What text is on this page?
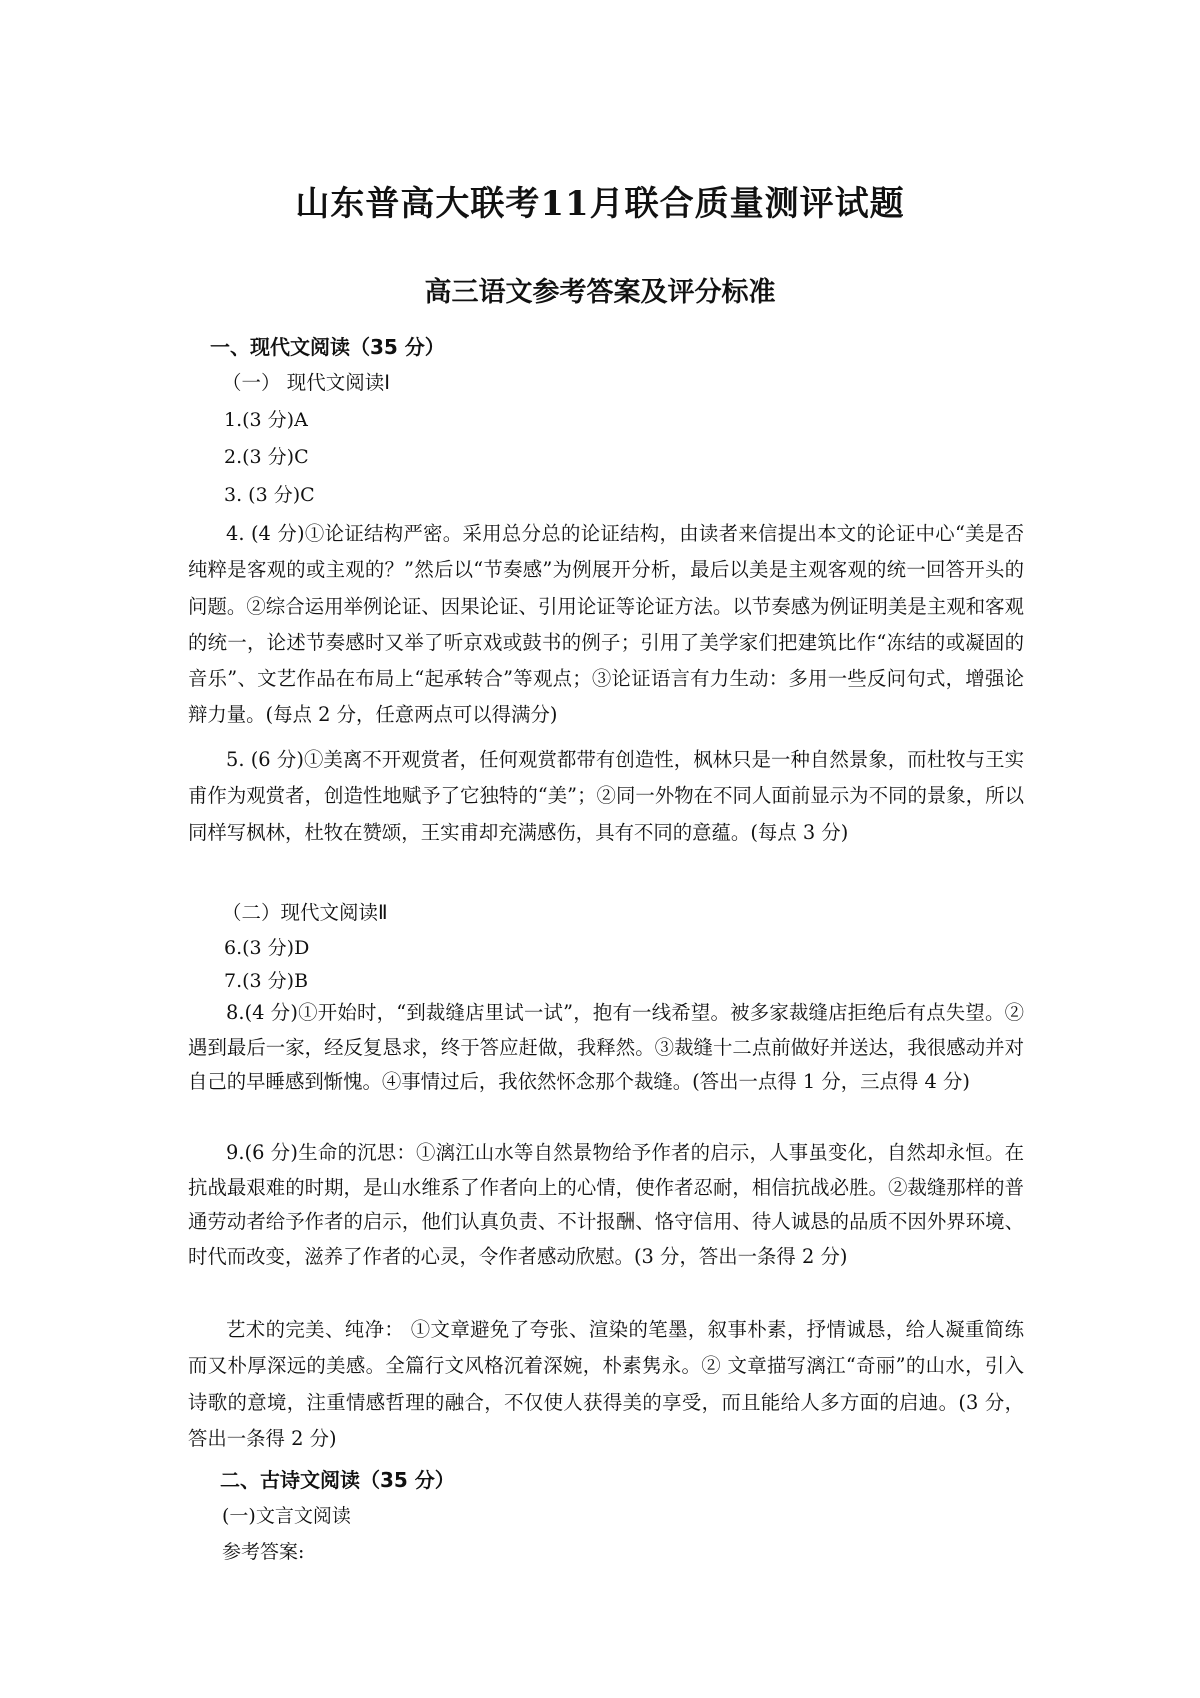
山东普高大联考11月联合质量测评试题
高三语文参考答案及评分标准
一、现代文阅读（35 分）
（一） 现代文阅读Ⅰ
1.(3 分)A
2.(3 分)C
3. (3 分)C

4. (4 分)①论证结构严密。采用总分总的论证结构，由读者来信提出本文的论证中心“美是否纯粹是客观的或主观的？”然后以“节奏感”为例展开分析，最后以美是主观客观的统一回答开头的问题。②综合运用举例论证、因果论证、引用论证等论证方法。以节奏感为例证明美是主观和客观的统一，论述节奏感时又举了听京戏或鼓书的例子；引用了美学家们把建筑比作“冻结的或凝固的音乐”、文艺作品在布局上“起承转合”等观点；③论证语言有力生动：多用一些反问句式，增强论辩力量。(每点 2 分，任意两点可以得满分)

5. (6 分)①美离不开观赏者，任何观赏都带有创造性，枫林只是一种自然景象，而杜牧与王实甫作为观赏者，创造性地赋予了它独特的“美”；②同一外物在不同人面前显示为不同的景象，所以同样写枫林，杜牧在赞颂，王实甫却充满感伤，具有不同的意蕴。(每点 3 分)

（二）现代文阅读Ⅱ
6.(3 分)D
7.(3 分)B

8.(4 分)①开始时，“到裁缝店里试一试”，抱有一线希望。被多家裁缝店拒绝后有点失望。②遇到最后一家，经反复恳求，终于答应赶做，我释然。③裁缝十二点前做好并送达，我很感动并对自己的早睡感到惭愧。④事情过后，我依然怀念那个裁缝。(答出一点得 1 分，三点得 4 分)

9.(6 分)生命的沉思：①漓江山水等自然景物给予作者的启示，人事虽变化，自然却永恒。在抗战最艰难的时期，是山水维系了作者向上的心情，使作者忍耐，相信抗战必胜。②裁缝那样的普通劳动者给予作者的启示，他们认真负责、不计报酬、恪守信用、待人诚恳的品质不因外界环境、时代而改变，滋养了作者的心灵，令作者感动欣慰。(3 分，答出一条得 2 分)

艺术的完美、纯净： ①文章避免了夸张、渲染的笔墨，叙事朴素，抒情诚恳，给人凝重简练而又朴厚深远的美感。全篇行文风格沉着深婉，朴素隽永。② 文章描写漓江“奇丽”的山水，引入诗歌的意境，注重情感哲理的融合，不仅使人获得美的享受，而且能给人多方面的启迪。(3 分，答出一条得 2 分)

二、古诗文阅读（35 分）
(一)文言文阅读
参考答案:
